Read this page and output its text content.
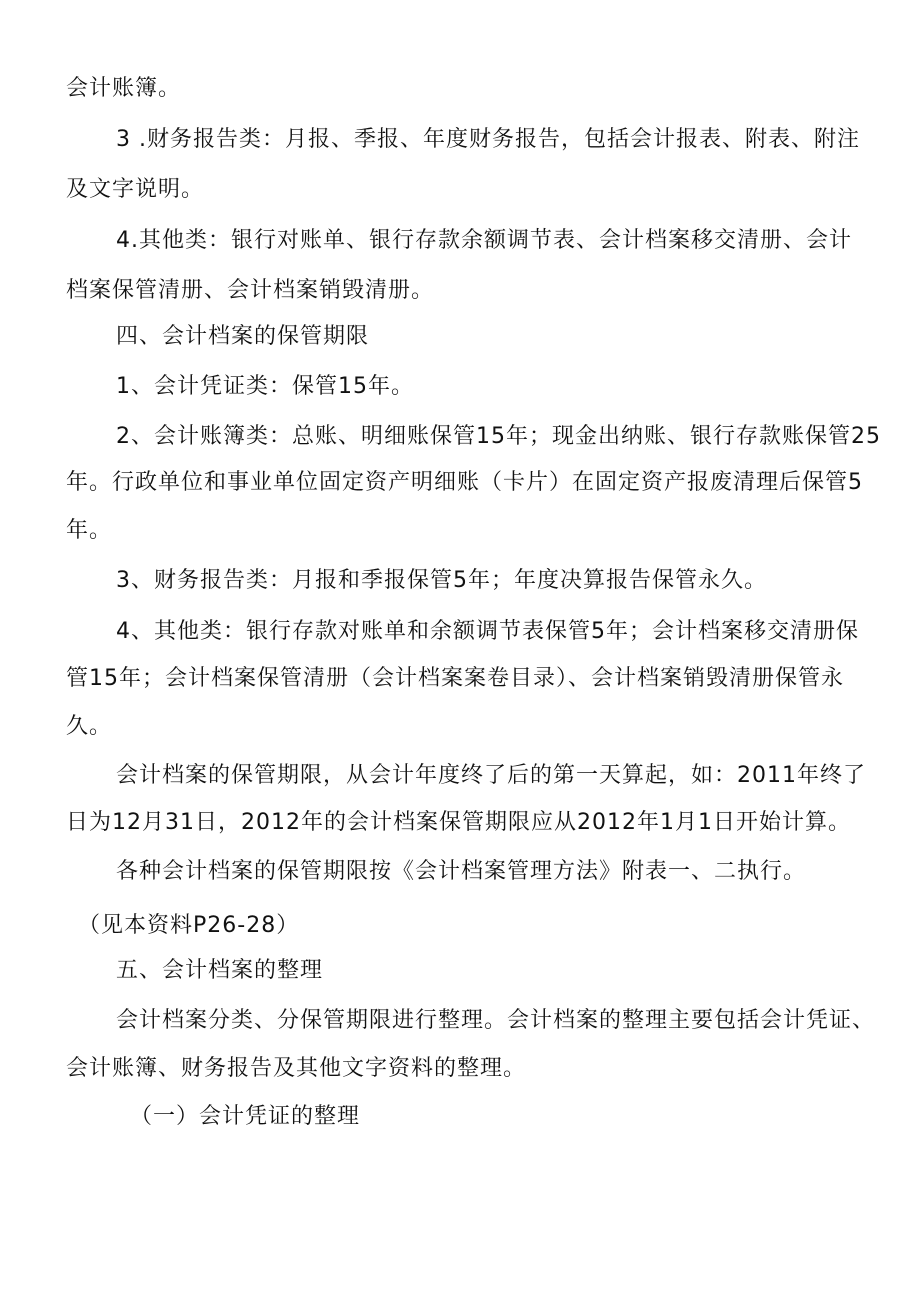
会计账簿。
3 .财务报告类：月报、季报、年度财务报告，包括会计报表、附表、附注
及文字说明。
4.其他类：银行对账单、银行存款余额调节表、会计档案移交清册、会计
档案保管清册、会计档案销毁清册。
四、会计档案的保管期限
1、会计凭证类：保管15年。
2、会计账簿类：总账、明细账保管15年；现金出纳账、银行存款账保管25
年。行政单位和事业单位固定资产明细账（卡片）在固定资产报废清理后保管5
年。
3、财务报告类：月报和季报保管5年；年度决算报告保管永久。
4、其他类：银行存款对账单和余额调节表保管5年；会计档案移交清册保
管15年；会计档案保管清册（会计档案案卷目录）、会计档案销毁清册保管永
久。
会计档案的保管期限，从会计年度终了后的第一天算起，如：2011年终了
日为12月31日，2012年的会计档案保管期限应从2012年1月1日开始计算。
各种会计档案的保管期限按《会计档案管理方法》附表一、二执行。
（见本资料P26-28）
五、会计档案的整理
会计档案分类、分保管期限进行整理。会计档案的整理主要包括会计凭证、
会计账簿、财务报告及其他文字资料的整理。
（一）会计凭证的整理
